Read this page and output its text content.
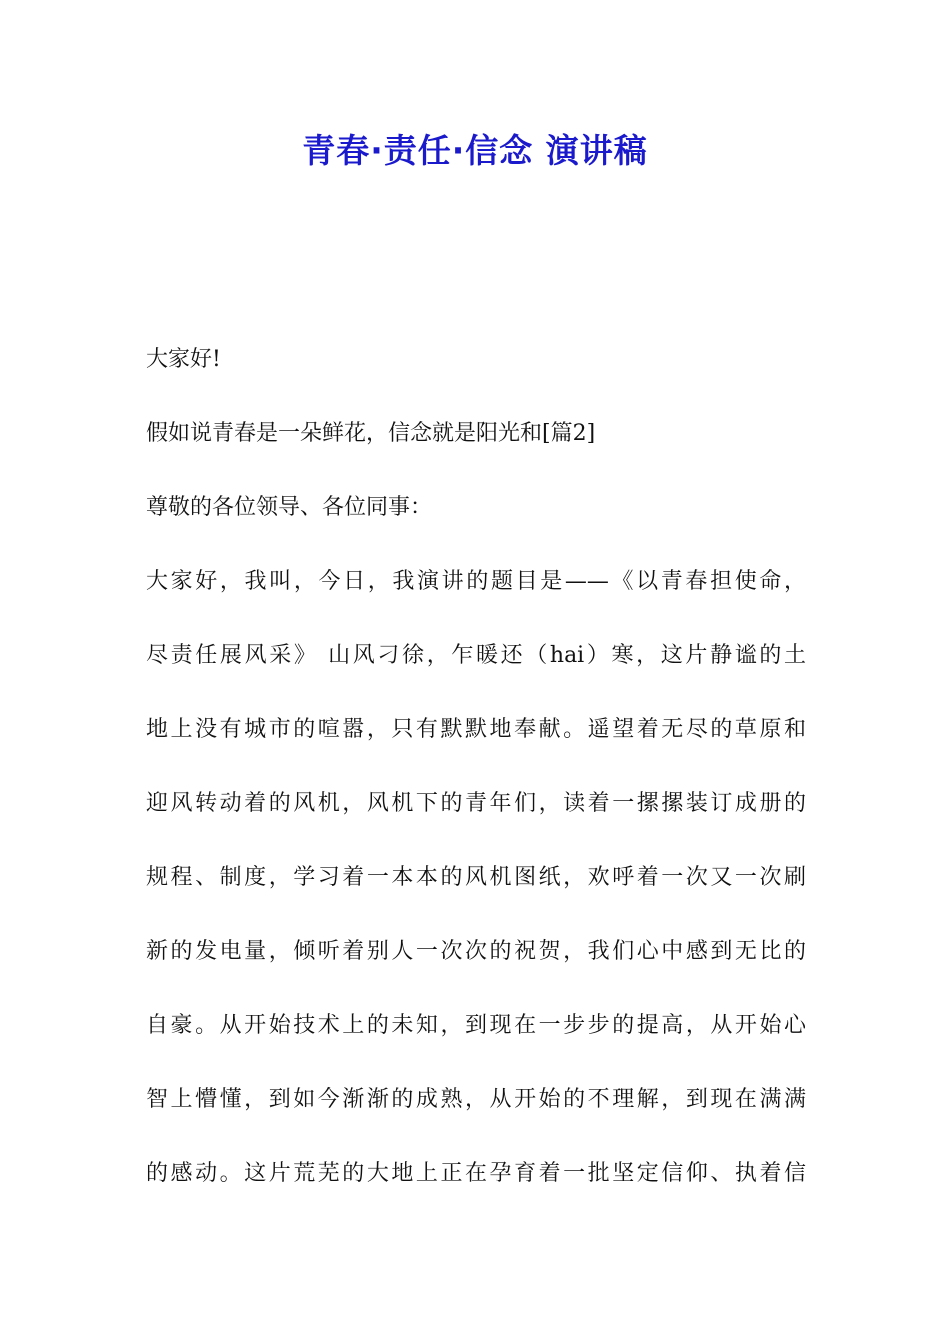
青春·责任·信念 演讲稿
大家好!
假如说青春是一朵鲜花，信念就是阳光和[篇2]
尊敬的各位领导、各位同事：
大家好，我叫，今日，我演讲的题目是——《以青春担使命，
尽责任展风采》 山风刁徐，乍暖还（hai）寒，这片静谧的土
地上没有城市的喧嚣，只有默默地奉献。遥望着无尽的草原和
迎风转动着的风机，风机下的青年们，读着一摞摞装订成册的
规程、制度，学习着一本本的风机图纸，欢呼着一次又一次刷
新的发电量，倾听着别人一次次的祝贺，我们心中感到无比的
自豪。从开始技术上的未知，到现在一步步的提高，从开始心
智上懵懂，到如今渐渐的成熟，从开始的不理解，到现在满满
的感动。这片荒芜的大地上正在孕育着一批坚定信仰、执着信
